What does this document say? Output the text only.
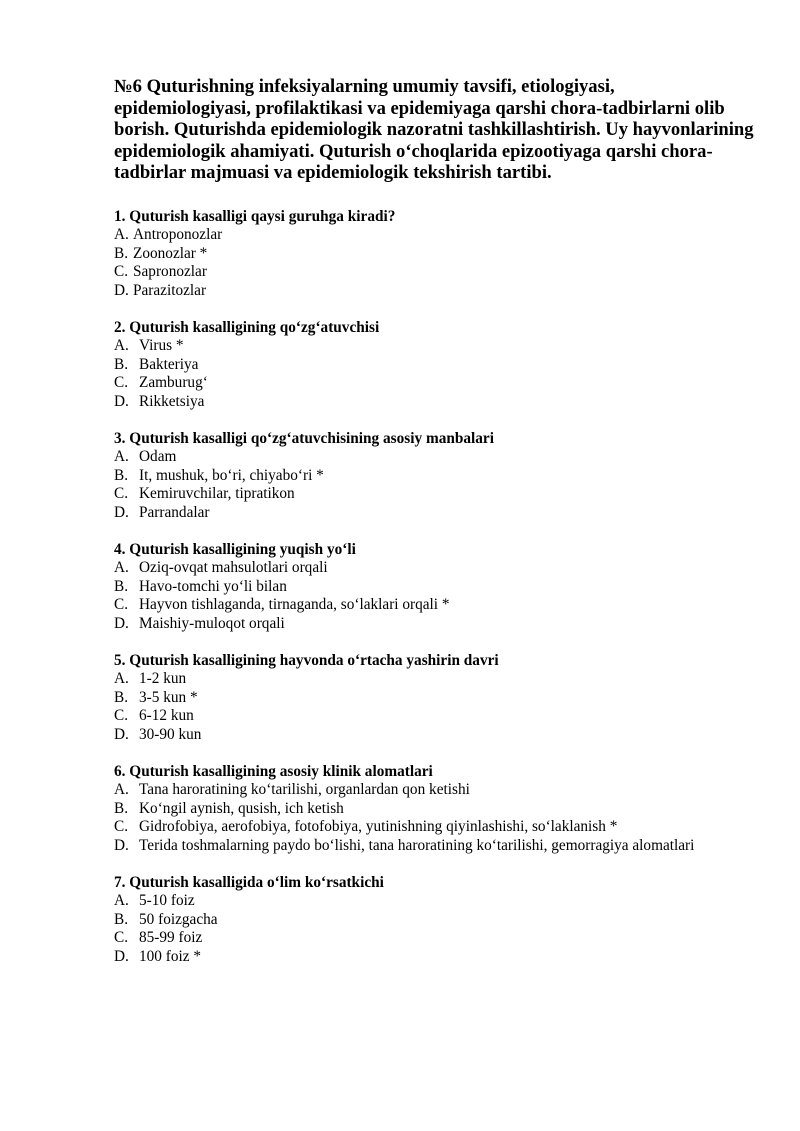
№6 Quturishning infeksiyalarning umumiy tavsifi, etiologiyasi,
epidemiologiyasi, profilaktikasi va epidemiyaga qarshi chora-tadbirlarni olib
borish. Quturishda epidemiologik nazoratni tashkillashtirish. Uy hayvonlarining
epidemiologik ahamiyati. Quturish o‘choqlarida epizootiyaga qarshi chora-
tadbirlar majmuasi va epidemiologik tekshirish tartibi.
1. Quturish kasalligi qaysi guruhga kiradi?
A. Antroponozlar
B. Zoonozlar *
C. Sapronozlar
D. Parazitozlar
2. Quturish kasalligining qo‘zg‘atuvchisi
A. Virus *
B. Bakteriya
C. Zamburug‘
D. Rikketsiya
3. Quturish kasalligi qo‘zg‘atuvchisining asosiy manbalari
A. Odam
B. It, mushuk, bo‘ri, chiyabo‘ri *
C. Kemiruvchilar, tipratikon
D. Parrandalar
4. Quturish kasalligining yuqish yo‘li
A. Oziq-ovqat mahsulotlari orqali
B. Havo-tomchi yo‘li bilan
C. Hayvon tishlaganda, tirnaganda, so‘laklari orqali *
D. Maishiy-muloqot orqali
5. Quturish kasalligining hayvonda o‘rtacha yashirin davri
A. 1-2 kun
B. 3-5 kun *
C. 6-12 kun
D. 30-90 kun
6. Quturish kasalligining asosiy klinik alomatlari
A. Tana haroratining ko‘tarilishi, organlardan qon ketishi
B. Ko‘ngil aynish, qusish, ich ketish
C. Gidrofobiya, aerofobiya, fotofobiya, yutinishning qiyinlashishi, so‘laklanish *
D. Terida toshmalarning paydo bo‘lishi, tana haroratining ko‘tarilishi, gemorragiya alomatlari
7. Quturish kasalligida o‘lim ko‘rsatkichi
A. 5-10 foiz
B. 50 foizgacha
C. 85-99 foiz
D. 100 foiz *
